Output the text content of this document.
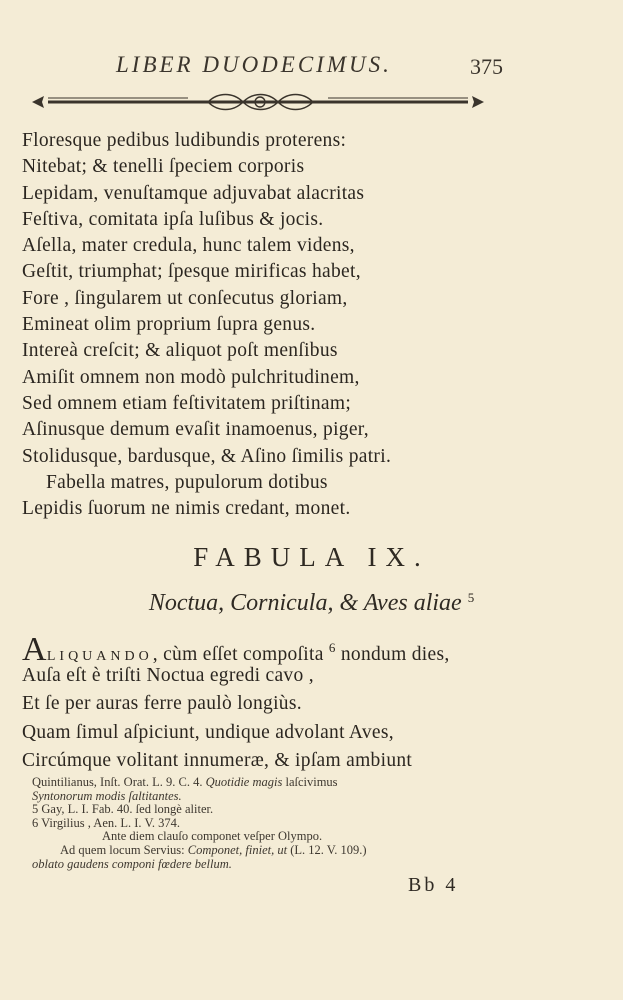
LIBER DUODECIMUS.	375
Floresque pedibus ludibundis proterens:
Nitebat; & tenelli ſpeciem corporis
Lepidam, venuſtamque adjuvabat alacritas
Feſtiva, comitata ipſa luſibus & jocis.
Aſella, mater credula, hunc talem videns,
Geſtit, triumphat; ſpesque mirificas habet,
Fore , ſingularem ut conſecutus gloriam,
Emineat olim proprium ſupra genus.
Intereà creſcit; & aliquot poſt menſibus
Amiſit omnem non modò pulchritudinem,
Sed omnem etiam feſtivitatem priſtinam;
Aſinusque demum evaſit inamoenus, piger,
Stolidusque, bardusque, & Aſino ſimilis patri.
Fabella matres, pupulorum dotibus
Lepidis ſuorum ne nimis credant, monet.
FABULA IX.
Noctua, Cornicula, & Aves aliae $^5$
ALIQUANDO, cùm eſſet compoſita $^6$ nondum dies,
Auſa eſt è triſti Noctua egredi cavo ,
Et ſe per auras ferre paulò longiùs.
Quam ſimul aſpiciunt, undique advolant Aves,
Circúmque volitant innumeræ, & ipſam ambiunt
Quintilianus, Inſt. Orat. L. 9. C. 4. Quotidie magis laſcivimus
Syntonorum modis ſaltitantes.
5 Gay, L. I. Fab. 40. ſed longè aliter.
6 Virgilius , Aen. L. I. V. 374.
Ante diem clauſo componet veſper Olympo.
Ad quem locum Servius: Componet, finiet, ut (L. 12. V. 109.)
oblato gaudens componi fœdere bellum.
Bb 4
